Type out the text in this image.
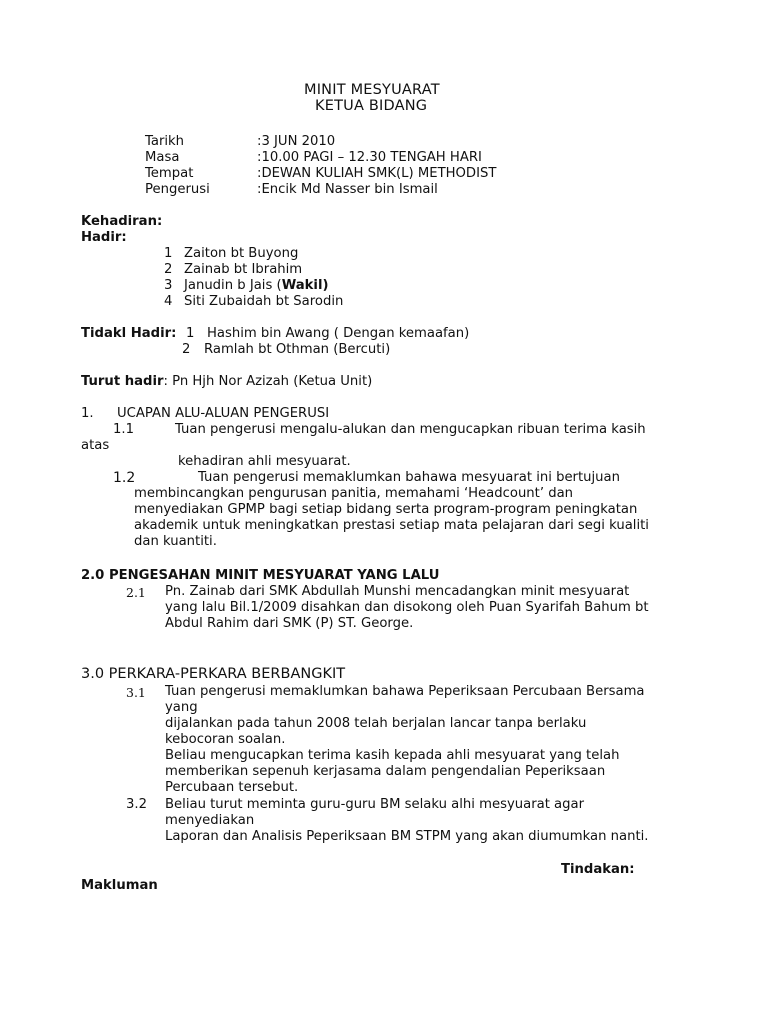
MINIT MESYUARAT
KETUA BIDANG
Tarikh	:3 JUN 2010
Masa	:10.00 PAGI – 12.30 TENGAH HARI
Tempat	:DEWAN KULIAH SMK(L) METHODIST
Pengerusi	:Encik Md Nasser bin Ismail
Kehadiran:
Hadir:
1 Zaiton bt Buyong
2 Zainab bt Ibrahim
3 Janudin b Jais (Wakil)
4 Siti Zubaidah bt Sarodin
Tidakl Hadir: 1 Hashim bin Awang ( Dengan kemaafan)
2 Ramlah bt Othman (Bercuti)
Turut hadir: Pn Hjh Nor Azizah (Ketua Unit)
1. UCAPAN ALU-ALUAN PENGERUSI
1.1	Tuan pengerusi mengalu-alukan dan mengucapkan ribuan terima kasih
atas
kehadiran ahli mesyuarat.
1.2	Tuan pengerusi memaklumkan bahawa mesyuarat ini bertujuan
membincangkan pengurusan panitia, memahami ‘Headcount’ dan
menyediakan GPMP bagi setiap bidang serta program-program peningkatan
akademik untuk meningkatkan prestasi setiap mata pelajaran dari segi kualiti
dan kuantiti.
2.0 PENGESAHAN MINIT MESYUARAT YANG LALU
2.1 Pn. Zainab dari SMK Abdullah Munshi mencadangkan minit mesyuarat
yang lalu Bil.1/2009 disahkan dan disokong oleh Puan Syarifah Bahum bt
Abdul Rahim dari SMK (P) ST. George.
3.0 PERKARA-PERKARA BERBANGKIT
3.1 Tuan pengerusi memaklumkan bahawa Peperiksaan Percubaan Bersama
yang
dijalankan pada tahun 2008 telah berjalan lancar tanpa berlaku
kebocoran soalan.
Beliau mengucapkan terima kasih kepada ahli mesyuarat yang telah
memberikan sepenuh kerjasama dalam pengendalian Peperiksaan
Percubaan tersebut.
3.2 Beliau turut meminta guru-guru BM selaku alhi mesyuarat agar
menyediakan
Laporan dan Analisis Peperiksaan BM STPM yang akan diumumkan nanti.
Tindakan:
Makluman
